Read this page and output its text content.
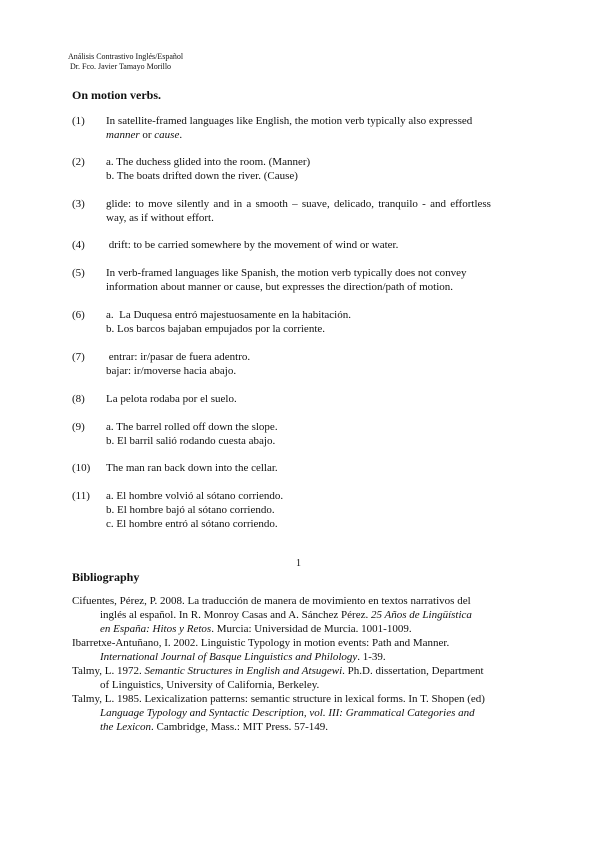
Análisis Contrastivo Inglés/Español
Dr. Fco. Javier Tamayo Morillo
On motion verbs.
(1) In satellite-framed languages like English, the motion verb typically also expressed
manner or cause.
(2) a. The duchess glided into the room. (Manner)
b. The boats drifted down the river. (Cause)
(3) glide: to move silently and in a smooth – suave, delicado, tranquilo - and effortless
way, as if without effort.
(4) drift: to be carried somewhere by the movement of wind or water.
(5) In verb-framed languages like Spanish, the motion verb typically does not convey
information about manner or cause, but expresses the direction/path of motion.
(6) a.  La Duquesa entró majestuosamente en la habitación.
b. Los barcos bajaban empujados por la corriente.
(7) entrar: ir/pasar de fuera adentro.
bajar: ir/moverse hacia abajo.
(8) La pelota rodaba por el suelo.
(9) a. The barrel rolled off down the slope.
b. El barril salió rodando cuesta abajo.
(10) The man ran back down into the cellar.
(11) a. El hombre volvió al sótano corriendo.
b. El hombre bajó al sótano corriendo.
c. El hombre entró al sótano corriendo.
1
Bibliography
Cifuentes, Pérez, P. 2008. La traducción de manera de movimiento en textos narrativos del
inglés al español. In R. Monroy Casas and A. Sánchez Pérez. 25 Años de Lingüística
en España: Hitos y Retos. Murcia: Universidad de Murcia. 1001-1009.
Ibarretxe-Antuñano, I. 2002. Linguistic Typology in motion events: Path and Manner.
International Journal of Basque Linguistics and Philology. 1-39.
Talmy, L. 1972. Semantic Structures in English and Atsugewi. Ph.D. dissertation, Department
of Linguistics, University of California, Berkeley.
Talmy, L. 1985. Lexicalization patterns: semantic structure in lexical forms. In T. Shopen (ed)
Language Typology and Syntactic Description, vol. III: Grammatical Categories and
the Lexicon. Cambridge, Mass.: MIT Press. 57-149.
